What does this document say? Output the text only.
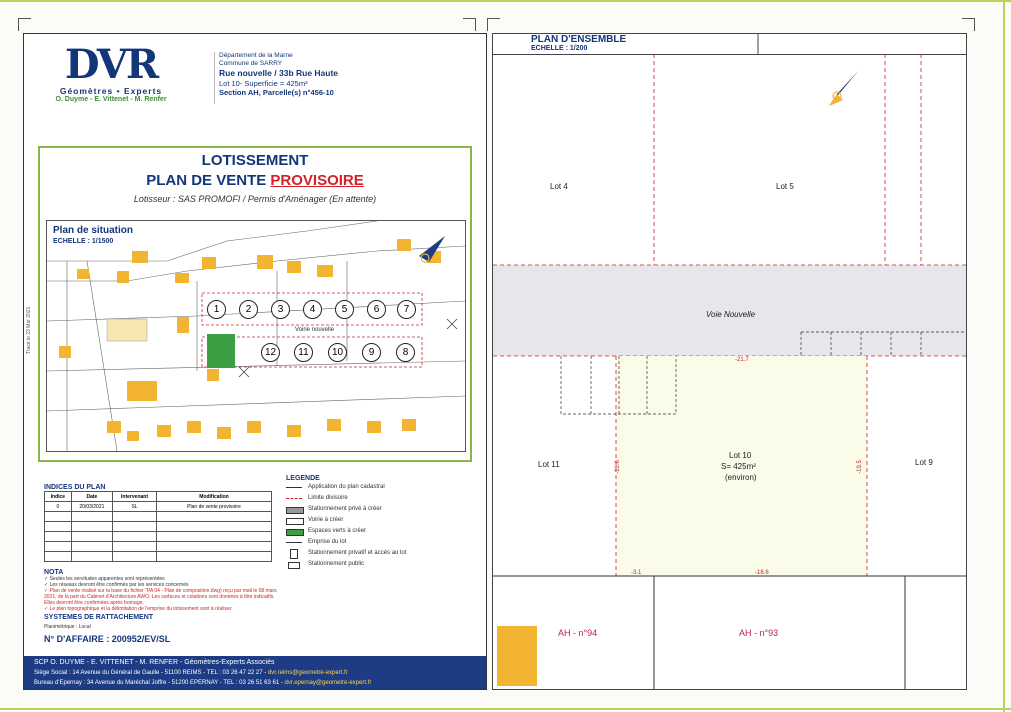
DVR
Géomètres • Experts
O. Duyme - E. Vittenet - M. Renfer
Département de la Marne
Commune de SARRY
Rue nouvelle / 33b Rue Haute
Lot 10- Superficie = 425m²
Section AH, Parcelle(s) n°456-10
LOTISSEMENT
PLAN DE VENTE PROVISOIRE
Lotisseur : SAS PROMOFI / Permis d'Aménager (En attente)
Plan de situation
ECHELLE : 1/1500
1	2	3	4	5	6	7
Voirie nouvelle
12	11	10	9	8
Tracé le 23 Mar 2021
INDICES DU PLAN
Indice	Date	Intervenant	Modification
0	20/03/2021	SL	Plan de vente provisoire

LEGENDE
Application du plan cadastral
Limite divisoire
Stationnement privé à créer
Voirie à créer
Espaces verts à créer
Emprise du lot
Stationnement privatif et accès au lot
Stationnement public
NOTA
✓ Seules les servitudes apparentes sont représentées
✓ Les réseaux devront être confirmés par les services concernés
✓ Plan de vente réalisé sur la base du fichier "PA 04 - Plan de composition.dwg) reçu par mail le 08 mars 2021, de la part du Cabinet d'Architecture AWO. Les surfaces et cotations sont données à titre indicatifs. Elles devront être confirmées après bornage.
✓ Le plan topographique et la délimitation de l'emprise du lotissement sont à réaliser.
SYSTEMES DE RATTACHEMENT
Planimétrique : Local
N° D'AFFAIRE : 200952/EV/SL
SCP O. DUYME - E. VITTENET - M. RENFER - Géomètres-Experts Associés
Siège Social : 14 Avenue du Général de Gaulle - 51100 REIMS - TEL : 03 26 47 22 27 - dvr.reims@geometre-expert.fr
Bureau d'Epernay : 34 Avenue du Maréchal Joffre - 51200 EPERNAY - TEL : 03 26 51 63 61 - dvr.epernay@geometre-expert.fr
PLAN D'ENSEMBLE
ECHELLE : 1/200
Lot 4	Lot 5
Voie Nouvelle
Lot 11	Lot 9
Lot 10
S= 425m²
(environ)
AH - n°94	AH - n°93
-21.7
-19.6	-19.5
-3.1	-18.6
